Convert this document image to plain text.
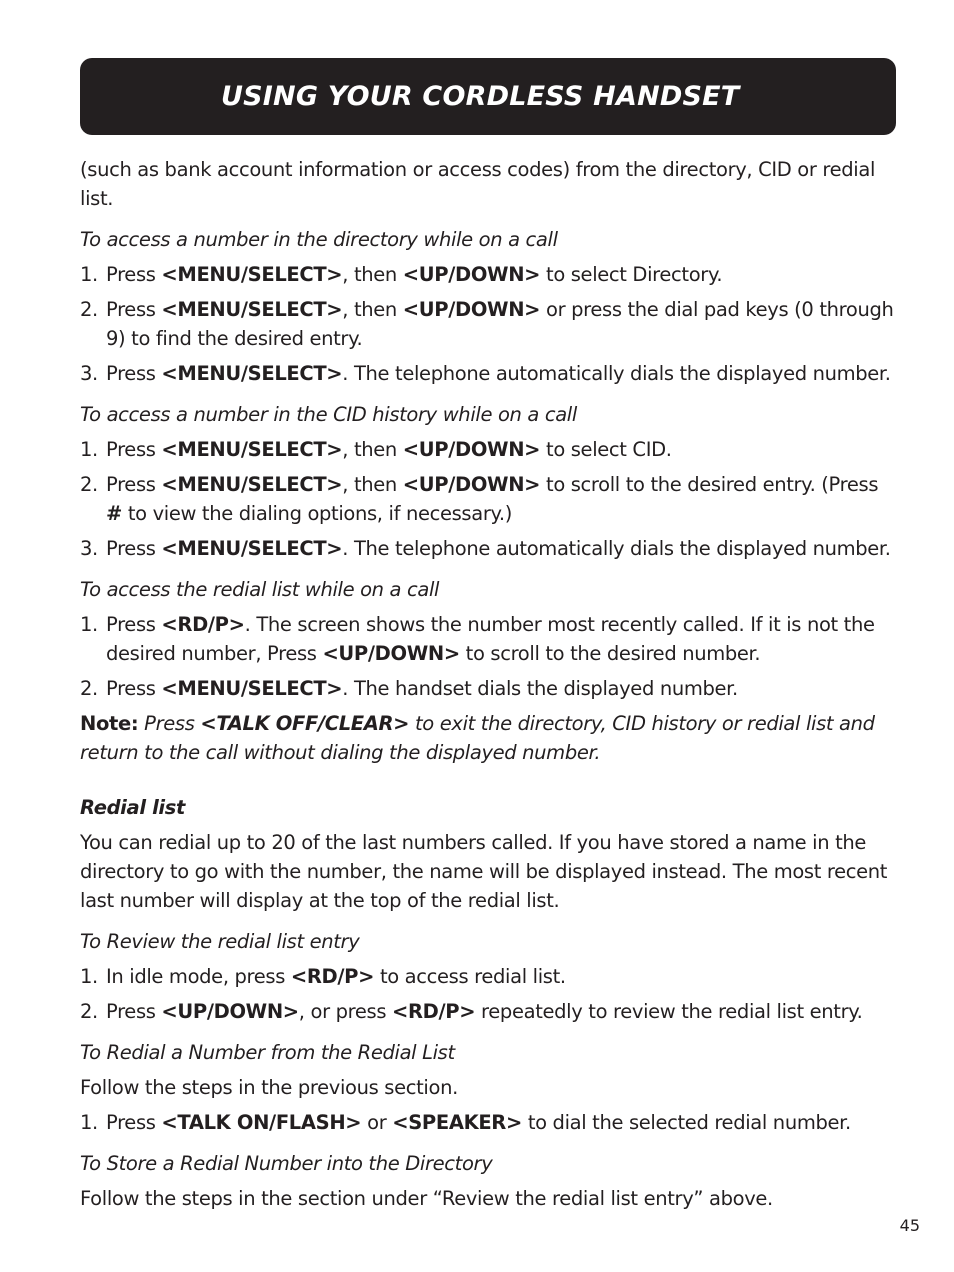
USING YOUR CORDLESS HANDSET

(such as bank account information or access codes) from the directory, CID or redial list.

To access a number in the directory while on a call

1. Press <MENU/SELECT>, then <UP/DOWN> to select Directory.
2. Press <MENU/SELECT>, then <UP/DOWN> or press the dial pad keys (0 through 9) to find the desired entry.
3. Press <MENU/SELECT>. The telephone automatically dials the displayed number.

To access a number in the CID history while on a call

1. Press <MENU/SELECT>, then <UP/DOWN> to select CID.
2. Press <MENU/SELECT>, then <UP/DOWN> to scroll to the desired entry. (Press # to view the dialing options, if necessary.)
3. Press <MENU/SELECT>. The telephone automatically dials the displayed number.

To access the redial list while on a call

1. Press <RD/P>. The screen shows the number most recently called. If it is not the desired number, Press <UP/DOWN> to scroll to the desired number.
2. Press <MENU/SELECT>. The handset dials the displayed number.

Note: Press <TALK OFF/CLEAR> to exit the directory, CID history or redial list and return to the call without dialing the displayed number.

Redial list

You can redial up to 20 of the last numbers called. If you have stored a name in the directory to go with the number, the name will be displayed instead. The most recent last number will display at the top of the redial list.

To Review the redial list entry

1. In idle mode, press <RD/P> to access redial list.
2. Press <UP/DOWN>, or press <RD/P> repeatedly to review the redial list entry.

To Redial a Number from the Redial List

Follow the steps in the previous section.

1. Press <TALK ON/FLASH> or <SPEAKER> to dial the selected redial number.

To Store a Redial Number into the Directory

Follow the steps in the section under “Review the redial list entry” above.

45
